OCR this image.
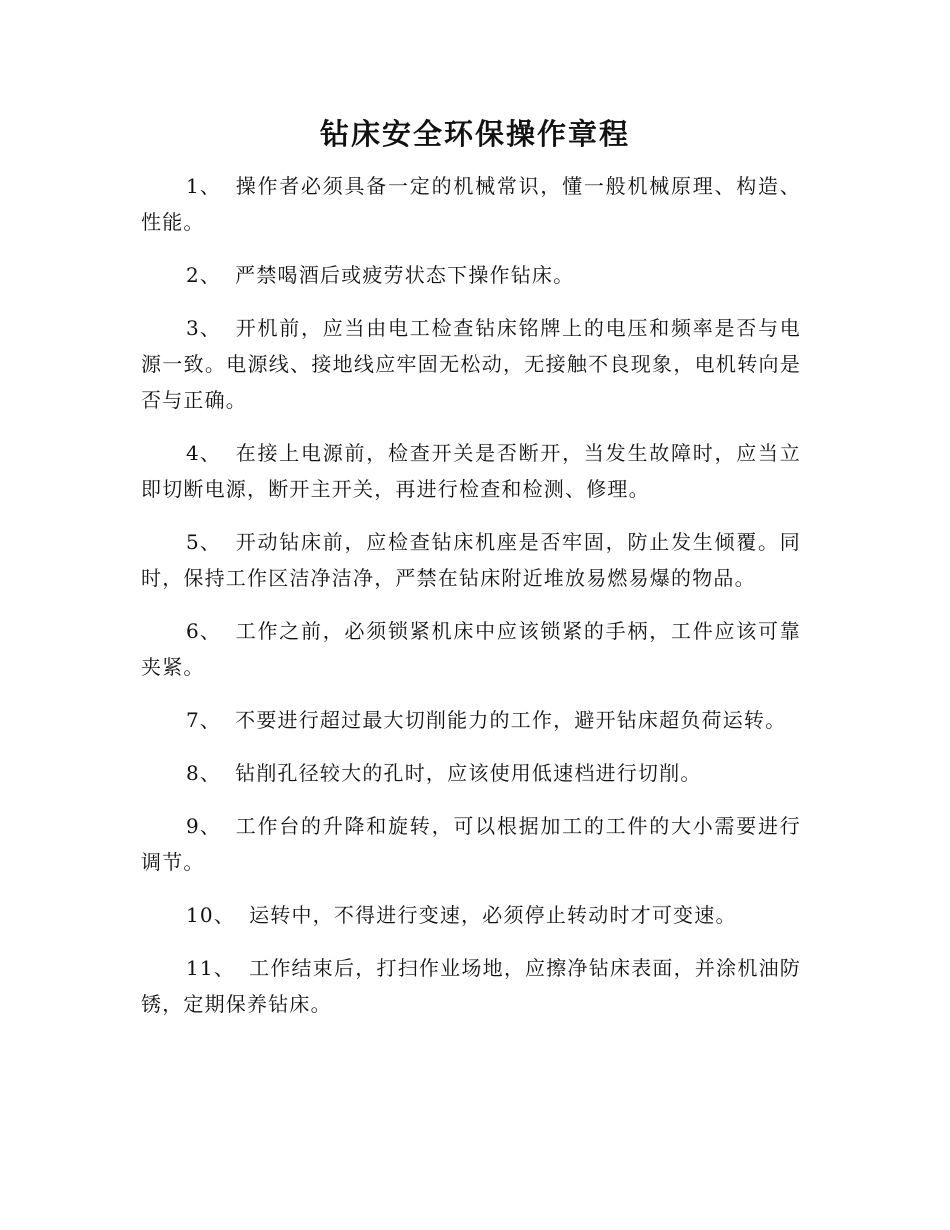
钻床安全环保操作章程
1、 操作者必须具备一定的机械常识，懂一般机械原理、构造、性能。
2、 严禁喝酒后或疲劳状态下操作钻床。
3、 开机前，应当由电工检查钻床铭牌上的电压和频率是否与电源一致。电源线、接地线应牢固无松动，无接触不良现象，电机转向是否与正确。
4、 在接上电源前，检查开关是否断开，当发生故障时，应当立即切断电源，断开主开关，再进行检查和检测、修理。
5、 开动钻床前，应检查钻床机座是否牢固，防止发生倾覆。同时，保持工作区洁净洁净，严禁在钻床附近堆放易燃易爆的物品。
6、 工作之前，必须锁紧机床中应该锁紧的手柄，工件应该可靠夹紧。
7、 不要进行超过最大切削能力的工作，避开钻床超负荷运转。
8、 钻削孔径较大的孔时，应该使用低速档进行切削。
9、 工作台的升降和旋转，可以根据加工的工件的大小需要进行调节。
10、 运转中，不得进行变速，必须停止转动时才可变速。
11、 工作结束后，打扫作业场地，应擦净钻床表面，并涂机油防锈，定期保养钻床。
